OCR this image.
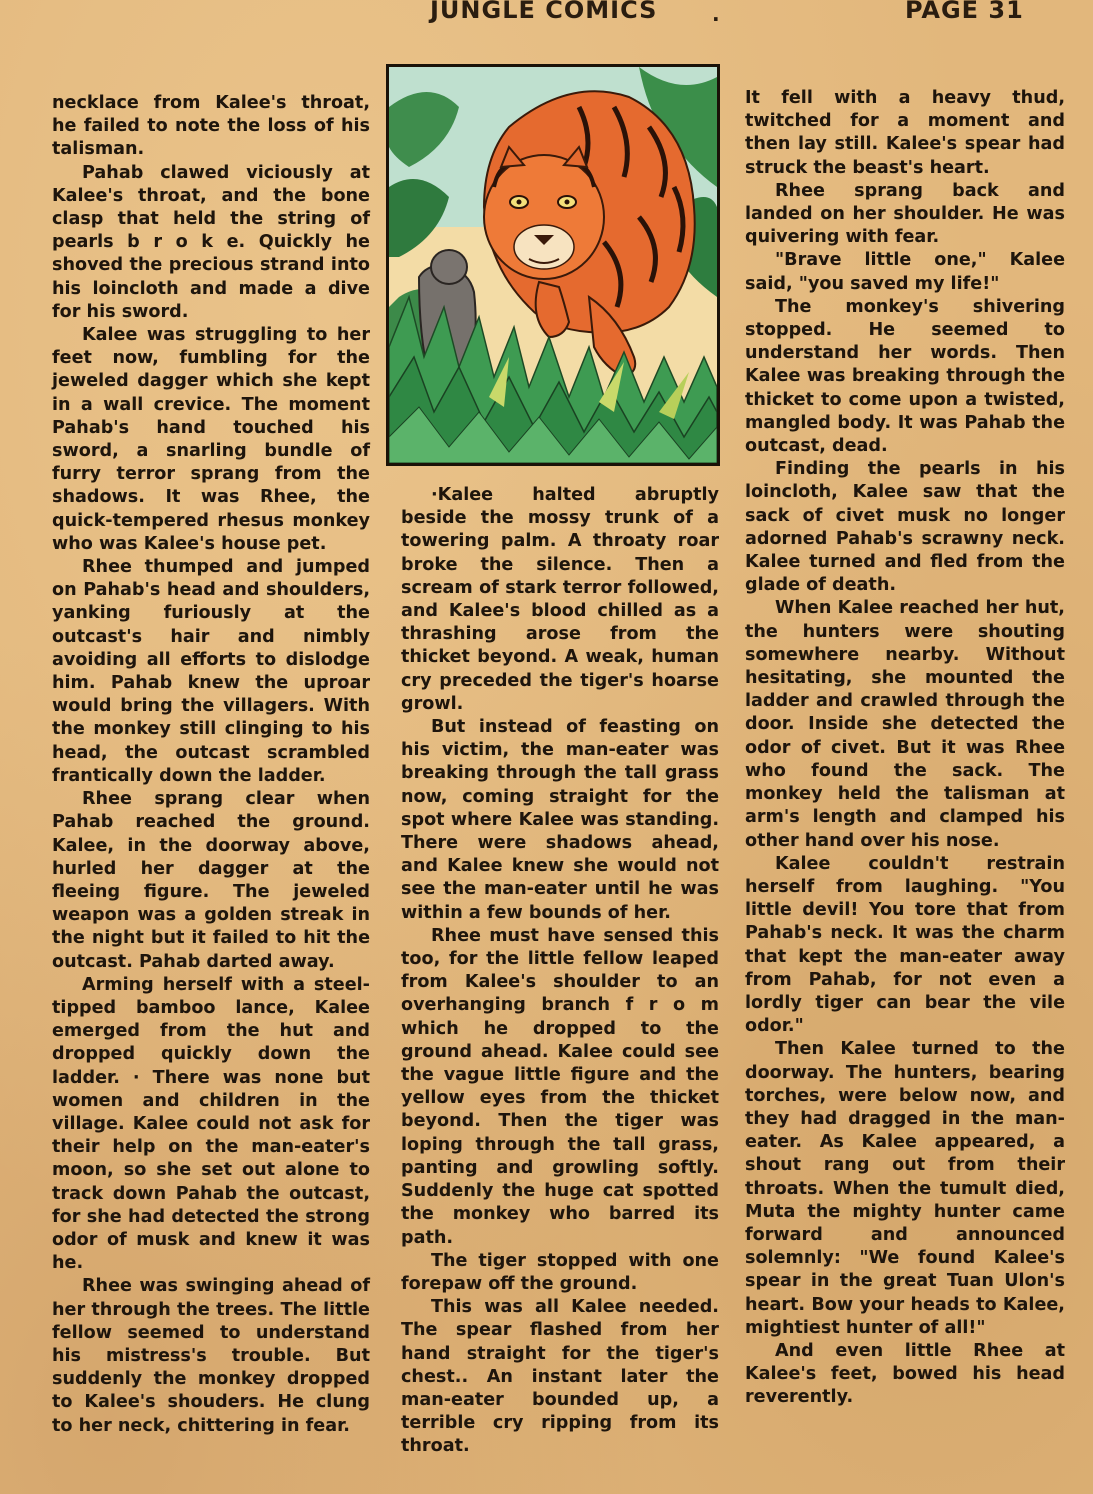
JUNGLE COMICS	.	PAGE 31

necklace from Kalee's throat, he failed to note the loss of his talisman.

Pahab clawed viciously at Kalee's throat, and the bone clasp that held the string of pearls b r o k e. Quickly he shoved the precious strand into his loincloth and made a dive for his sword.

Kalee was struggling to her feet now, fumbling for the jeweled dagger which she kept in a wall crevice. The moment Pahab's hand touched his sword, a snarling bundle of furry terror sprang from the shadows. It was Rhee, the quick-tempered rhesus monkey who was Kalee's house pet.

Rhee thumped and jumped on Pahab's head and shoulders, yanking furiously at the outcast's hair and nimbly avoiding all efforts to dislodge him. Pahab knew the uproar would bring the villagers. With the monkey still clinging to his head, the outcast scrambled frantically down the ladder.

Rhee sprang clear when Pahab reached the ground. Kalee, in the doorway above, hurled her dagger at the fleeing figure. The jeweled weapon was a golden streak in the night but it failed to hit the outcast. Pahab darted away.

Arming herself with a steel-tipped bamboo lance, Kalee emerged from the hut and dropped quickly down the ladder. · There was none but women and children in the village. Kalee could not ask for their help on the man-eater's moon, so she set out alone to track down Pahab the outcast, for she had detected the strong odor of musk and knew it was he.

Rhee was swinging ahead of her through the trees. The little fellow seemed to understand his mistress's trouble. But suddenly the monkey dropped to Kalee's shouders. He clung to her neck, chittering in fear.

·Kalee halted abruptly beside the mossy trunk of a towering palm. A throaty roar broke the silence. Then a scream of stark terror followed, and Kalee's blood chilled as a thrashing arose from the thicket beyond. A weak, human cry preceded the tiger's hoarse growl.

But instead of feasting on his victim, the man-eater was breaking through the tall grass now, coming straight for the spot where Kalee was standing. There were shadows ahead, and Kalee knew she would not see the man-eater until he was within a few bounds of her.

Rhee must have sensed this too, for the little fellow leaped from Kalee's shoulder to an overhanging branch f r o m which he dropped to the ground ahead. Kalee could see the vague little figure and the yellow eyes from the thicket beyond. Then the tiger was loping through the tall grass, panting and growling softly. Suddenly the huge cat spotted the monkey who barred its path.

The tiger stopped with one forepaw off the ground.

This was all Kalee needed. The spear flashed from her hand straight for the tiger's chest.. An instant later the man-eater bounded up, a terrible cry ripping from its throat.

It fell with a heavy thud, twitched for a moment and then lay still. Kalee's spear had struck the beast's heart.

Rhee sprang back and landed on her shoulder. He was quivering with fear.

"Brave little one," Kalee said, "you saved my life!"

The monkey's shivering stopped. He seemed to understand her words. Then Kalee was breaking through the thicket to come upon a twisted, mangled body. It was Pahab the outcast, dead.

Finding the pearls in his loincloth, Kalee saw that the sack of civet musk no longer adorned Pahab's scrawny neck. Kalee turned and fled from the glade of death.

When Kalee reached her hut, the hunters were shouting somewhere nearby. Without hesitating, she mounted the ladder and crawled through the door. Inside she detected the odor of civet. But it was Rhee who found the sack. The monkey held the talisman at arm's length and clamped his other hand over his nose.

Kalee couldn't restrain herself from laughing. "You little devil! You tore that from Pahab's neck. It was the charm that kept the man-eater away from Pahab, for not even a lordly tiger can bear the vile odor."

Then Kalee turned to the doorway. The hunters, bearing torches, were below now, and they had dragged in the man-eater. As Kalee appeared, a shout rang out from their throats. When the tumult died, Muta the mighty hunter came forward and announced solemnly: "We found Kalee's spear in the great Tuan Ulon's heart. Bow your heads to Kalee, mightiest hunter of all!"

And even little Rhee at Kalee's feet, bowed his head reverently.
